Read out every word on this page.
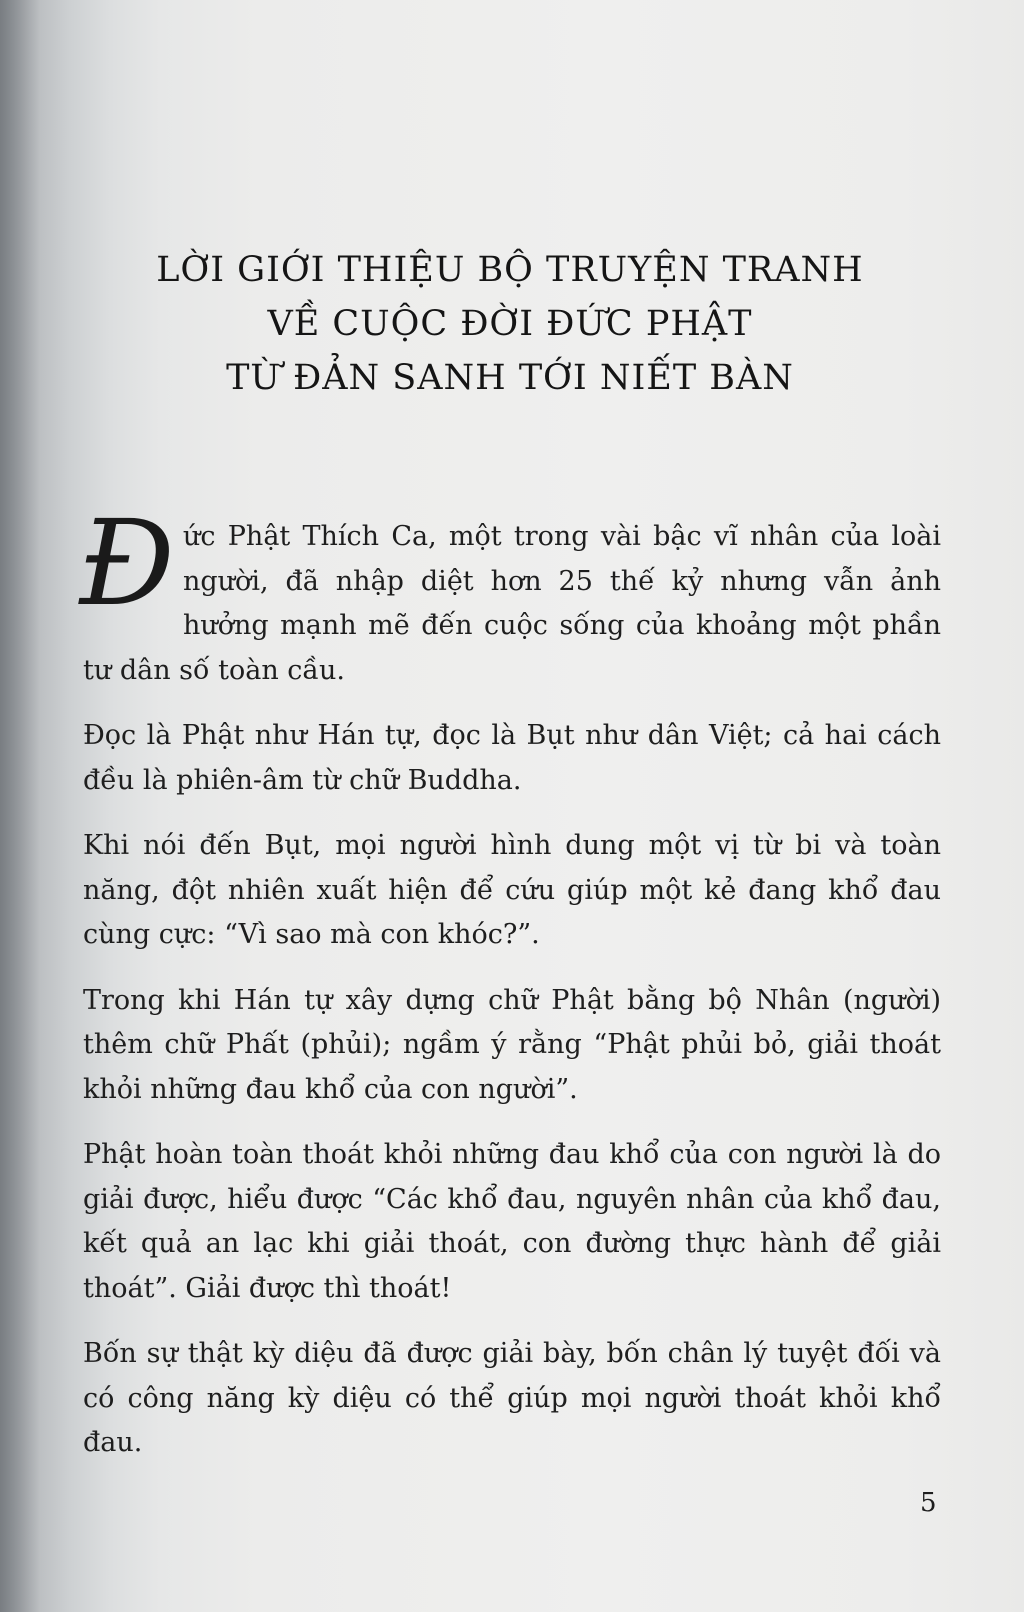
LỜI GIỚI THIỆU BỘ TRUYỆN TRANH
VỀ CUỘC ĐỜI ĐỨC PHẬT
TỪ ĐẢN SANH TỚI NIẾT BÀN

Đức Phật Thích Ca, một trong vài bậc vĩ nhân của loài người, đã nhập diệt hơn 25 thế kỷ nhưng vẫn ảnh hưởng mạnh mẽ đến cuộc sống của khoảng một phần tư dân số toàn cầu.

Đọc là Phật như Hán tự, đọc là Bụt như dân Việt; cả hai cách đều là phiên-âm từ chữ Buddha.

Khi nói đến Bụt, mọi người hình dung một vị từ bi và toàn năng, đột nhiên xuất hiện để cứu giúp một kẻ đang khổ đau cùng cực: “Vì sao mà con khóc?”.

Trong khi Hán tự xây dựng chữ Phật bằng bộ Nhân (người) thêm chữ Phất (phủi); ngầm ý rằng “Phật phủi bỏ, giải thoát khỏi những đau khổ của con người”.

Phật hoàn toàn thoát khỏi những đau khổ của con người là do giải được, hiểu được “Các khổ đau, nguyên nhân của khổ đau, kết quả an lạc khi giải thoát, con đường thực hành để giải thoát”. Giải được thì thoát!

Bốn sự thật kỳ diệu đã được giải bày, bốn chân lý tuyệt đối và có công năng kỳ diệu có thể giúp mọi người thoát khỏi khổ đau.

5
